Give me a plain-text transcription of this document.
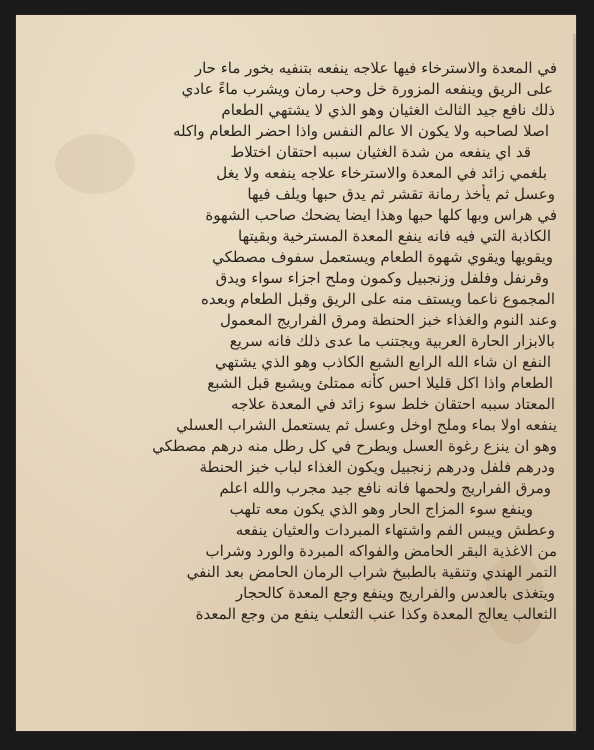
في المعدة والاسترخاء فيها علاجه ينفعه بتنفيه بخور ماء حار
على الريق وينفعه المزورة خل وحب رمان ويشرب ماءً عادي
ذلك نافع جيد الثالث الغثيان وهو الذي لا يشتهي الطعام
اصلا لصاحبه ولا يكون الا عالم النفس واذا احضر الطعام واكله
قد اي ينفعه من شدة الغثيان سببه احتقان اختلاط
بلغمي زائد في المعدة والاسترخاء علاجه ينفعه ولا يغل
وعسل ثم يأخذ رمانة تقشر ثم يدق حبها ويلف فيها
في هراس وبها كلها حبها وهذا ايضا يضحك صاحب الشهوة
الكاذبة التي فيه فانه ينفع المعدة المسترخية وبقيتها
ويقويها ويقوي شهوة الطعام ويستعمل سفوف مصطكي
وقرنفل وفلفل وزنجبيل وكمون وملح اجزاء سواء ويدق
المجموع ناعما ويستف منه على الريق وقبل الطعام وبعده
وعند النوم والغذاء خبز الحنطة ومرق الفراريج المعمول
بالابزار الحارة العربية ويجتنب ما عدى ذلك فانه سريع
النفع ان شاء الله الرابع الشبع الكاذب وهو الذي يشتهي
الطعام واذا اكل قليلا احس كأنه ممتلئ ويشبع قبل الشبع
المعتاد سببه احتقان خلط سوء زائد في المعدة علاجه
ينفعه اولا بماء وملح اوخل وعسل ثم يستعمل الشراب العسلي
وهو ان ينزع رغوة العسل ويطرح في كل رطل منه درهم مصطكي
ودرهم فلفل ودرهم زنجبيل ويكون الغذاء لباب خبز الحنطة
ومرق الفراريج ولحمها فانه نافع جيد مجرب والله اعلم
وينفع سوء المزاج الحار وهو الذي يكون معه تلهب
وعطش ويبس الفم واشتهاء المبردات والعثيان ينفعه
من الاغذية البقر الحامض والفواكه المبردة والورد وشراب
التمر الهندي وتنقية بالطبيخ شراب الرمان الحامض بعد النفي
ويتغذى بالعدس والفراريج وينفع وجع المعدة كالحجار
الثعالب يعالج المعدة وكذا عنب الثعلب ينفع من وجع المعدة
